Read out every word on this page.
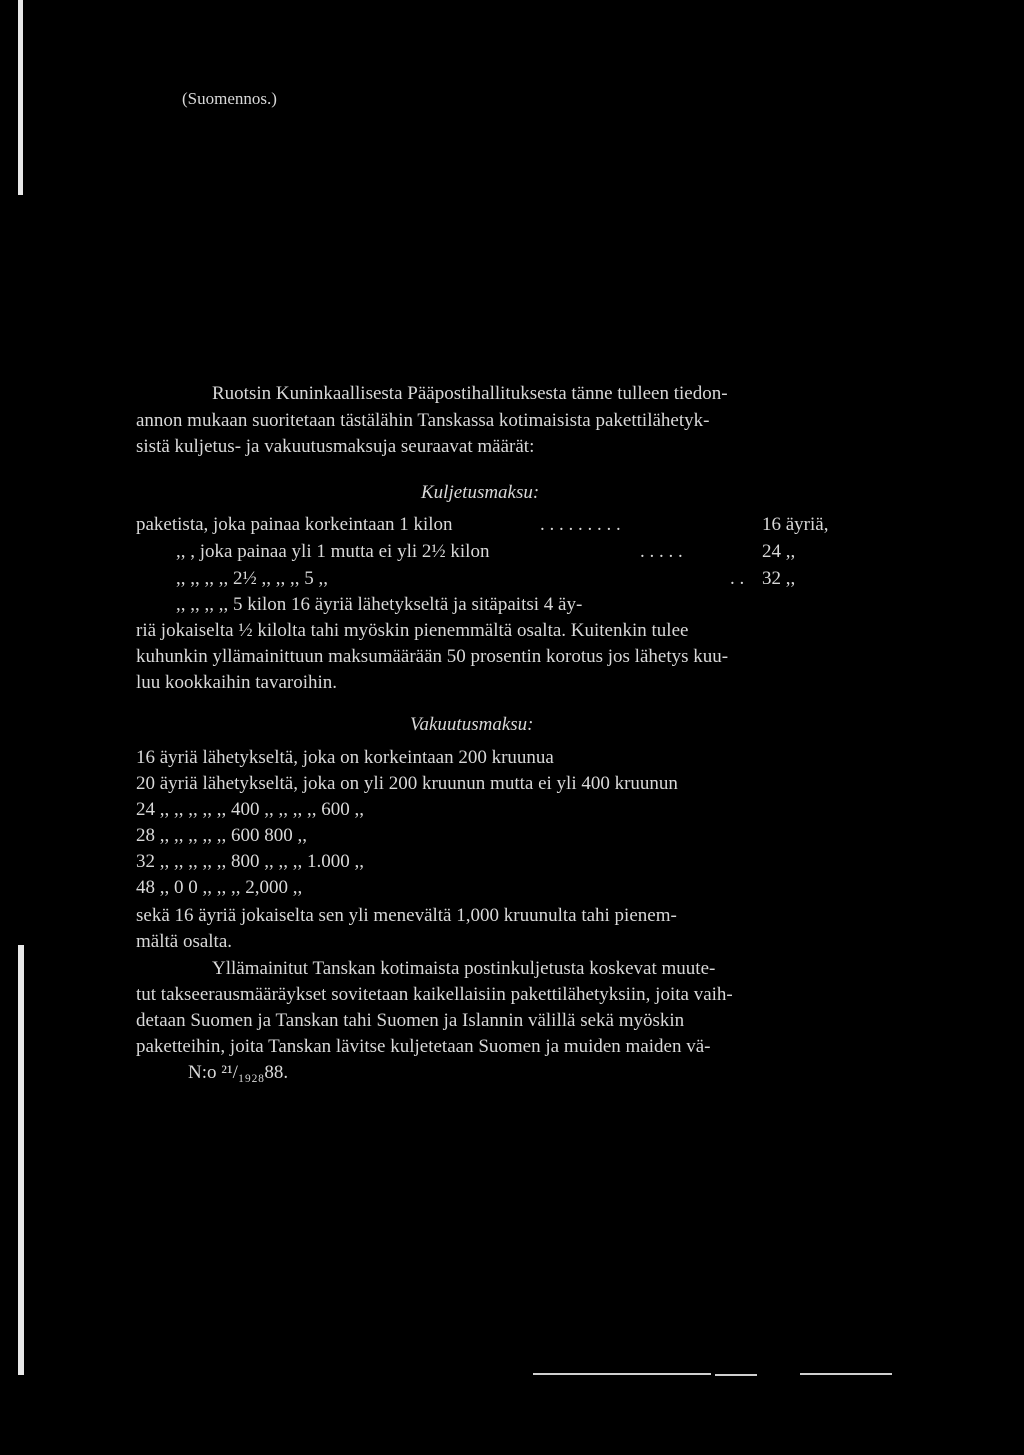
(Suomennos.)
Ruotsin Kuninkaallisesta Pääpostihallituksesta tänne tulleen tiedon-
annon mukaan suoritetaan tästälähin Tanskassa kotimaisista pakettilähetyk-
sistä kuljetus- ja vakuutusmaksuja seuraavat määrät:
Kuljetusmaksu:
paketista, joka painaa korkeintaan 1 kilon	. . . . . . . . .	16 äyriä,
,, , joka painaa yli 1 mutta ei yli 2½ kilon	. . . . .	24 ,,
,, ,, ,, ,, 2½ ,, ,, ,, 5 ,,	. . 32 ,,
,, ,, ,, ,, 5 kilon 16 äyriä lähetykseltä ja sitäpaitsi 4 äy-
riä jokaiselta ½ kilolta tahi myöskin pienemmältä osalta. Kuitenkin tulee
kuhunkin yllämainittuun maksumäärään 50 prosentin korotus jos lähetys kuu-
luu kookkaihin tavaroihin.
Vakuutusmaksu:
16 äyriä lähetykseltä, joka on korkeintaan 200 kruunua
20 äyriä lähetykseltä, joka on yli 200 kruunun mutta ei yli 400 kruunun
24 ,, ,, ,, ,, ,, 400 ,, ,, ,, ,, 600 ,,
28 ,, ,, ,, ,, ,, 600 800 ,,
32 ,, ,, ,, ,, ,, 800 ,, ,, ,, 1.000 ,,
48 ,, 0 0 ,, ,, ,, 2,000 ,,
sekä 16 äyriä jokaiselta sen yli menevältä 1,000 kruunulta tahi pienem-
mältä osalta.
Yllämainitut Tanskan kotimaista postinkuljetusta koskevat muute-
tut takseerausmääräykset sovitetaan kaikellaisiin pakettilähetyksiin, joita vaih-
detaan Suomen ja Tanskan tahi Suomen ja Islannin välillä sekä myöskin
paketteihin, joita Tanskan lävitse kuljetetaan Suomen ja muiden maiden vä-
N:o ²¹/₁₉₂₈88.
